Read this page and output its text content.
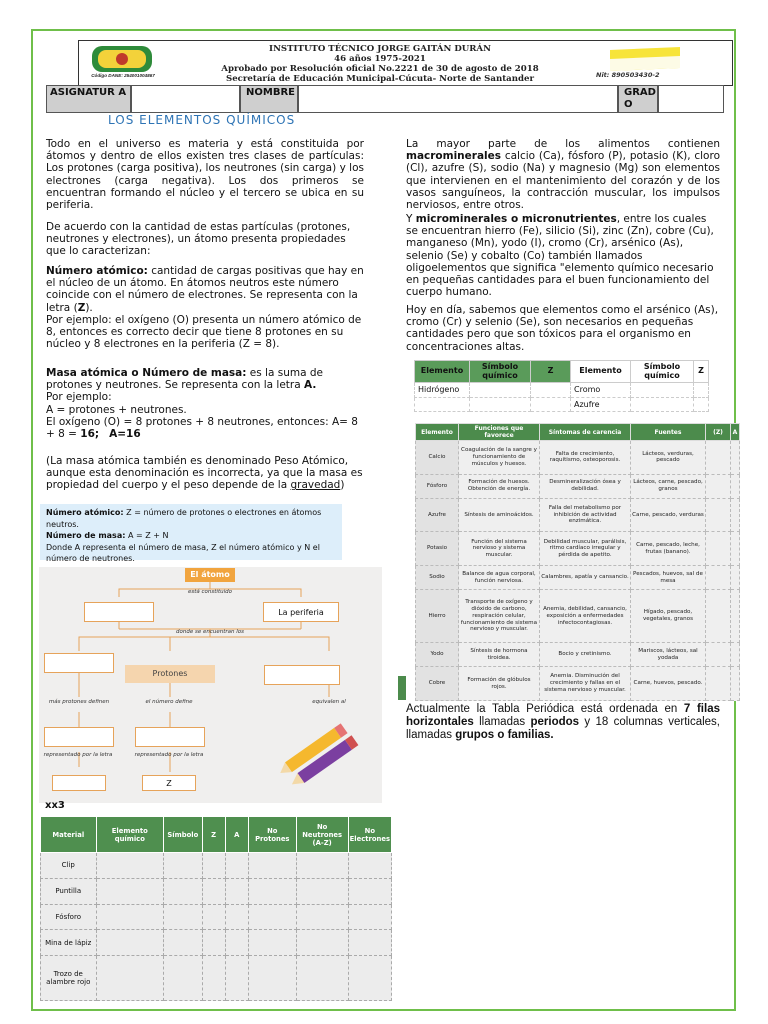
Código DANE: 254001004867
INSTITUTO TÉCNICO JORGE GAITÁN DURÁN
46 años 1975-2021
Aprobado por Resolución oficial No.2221 de 30 de agosto de 2018
Secretaría de Educación Municipal-Cúcuta- Norte de Santander	Nit: 890503430-2
ASIGNATUR A	NOMBRE	GRAD O
LOS ELEMENTOS QUÍMICOS
Todo en el universo es materia y está constituida por átomos y dentro de ellos existen tres clases de partículas: Los protones (carga positiva), los neutrones (sin carga) y los electrones (carga negativa). Los dos primeros se encuentran formando el núcleo y el tercero se ubica en su periferia.
De acuerdo con la cantidad de estas partículas (protones, neutrones y electrones), un átomo presenta propiedades que lo caracterizan:
Número atómico: cantidad de cargas positivas que hay en el núcleo de un átomo. En átomos neutros este número coincide con el número de electrones. Se representa con la letra (Z).
Por ejemplo: el oxígeno (O) presenta un número atómico de 8, entonces es correcto decir que tiene 8 protones en su núcleo y 8 electrones en la periferia (Z = 8).
Masa atómica o Número de masa: es la suma de protones y neutrones. Se representa con la letra A.
Por ejemplo:
A = protones + neutrones.
El oxígeno (O) = 8 protones + 8 neutrones, entonces: A= 8 + 8 = 16; A=16
(La masa atómica también es denominado Peso Atómico, aunque esta denominación es incorrecta, ya que la masa es propiedad del cuerpo y el peso depende de la gravedad)
Número atómico: Z = número de protones o electrones en átomos neutros.
Número de masa: A = Z + N
Donde A representa el número de masa, Z el número atómico y N el número de neutrones.
El átomo
está constituido
La periferia
donde se encuentran los
Protones
más protones definen	el número define	equivalen al
representado por la letra	representado por la letra
Z
xx3
Material	Elemento químico	Símbolo	Z	A	No Protones	No Neutrones (A-Z)	No Electrones
Clip							
Puntilla							
Fósforo							
Mina de lápiz							
Trozo de alambre rojo							
La mayor parte de los alimentos contienen macrominerales calcio (Ca), fósforo (P), potasio (K), cloro (Cl), azufre (S), sodio (Na) y magnesio (Mg) son elementos que intervienen en el mantenimiento del corazón y de los vasos sanguíneos, la contracción muscular, los impulsos nerviosos, entre otros.
Y microminerales o micronutrientes, entre los cuales se encuentran hierro (Fe), silicio (Si), zinc (Zn), cobre (Cu), manganeso (Mn), yodo (I), cromo (Cr), arsénico (As), selenio (Se) y cobalto (Co) también llamados oligoelementos que significa "elemento químico necesario en pequeñas cantidades para el buen funcionamiento del cuerpo humano.
Hoy en día, sabemos que elementos como el arsénico (As), cromo (Cr) y selenio (Se), son necesarios en pequeñas cantidades pero que son tóxicos para el organismo en concentraciones altas.
Elemento	Símbolo químico	Z	Elemento	Símbolo químico	Z
Hidrógeno			Cromo		
			Azufre		
Elemento	Funciones que favorece	Síntomas de carencia	Fuentes	(Z)	A
Calcio	Coagulación de la sangre y funcionamiento de músculos y huesos.	Falta de crecimiento, raquitismo, osteoporosis.	Lácteos, verduras, pescado		
Fósforo	Formación de huesos. Obtención de energía.	Desmineralización ósea y debilidad.	Lácteos, carne, pescado, granos		
Azufre	Síntesis de aminoácidos.	Falla del metabolismo por inhibición de actividad enzimática.	Carne, pescado, verduras		
Potasio	Función del sistema nervioso y sistema muscular.	Debilidad muscular, parálisis, ritmo cardíaco irregular y pérdida de apetito.	Carne, pescado, leche, frutas (banano).		
Sodio	Balance de agua corporal, función nerviosa.	Calambres, apatía y cansancio.	Pescados, huevos, sal de mesa		
Hierro	Transporte de oxígeno y dióxido de carbono, respiración celular, funcionamiento de sistema nervioso y muscular.	Anemia, debilidad, cansancio, exposición a enfermedades infectocontagiosas.	Hígado, pescado, vegetales, granos		
Yodo	Síntesis de hormona tiroidea.	Bocio y cretinismo.	Mariscos, lácteos, sal yodada		
Cobre	Formación de glóbulos rojos.	Anemia. Disminución del crecimiento y fallas en el sistema nervioso y muscular.	Carne, huevos, pescado.		
Actualmente la Tabla Periódica está ordenada en 7 filas horizontales llamadas periodos y 18 columnas verticales, llamadas grupos o familias.
